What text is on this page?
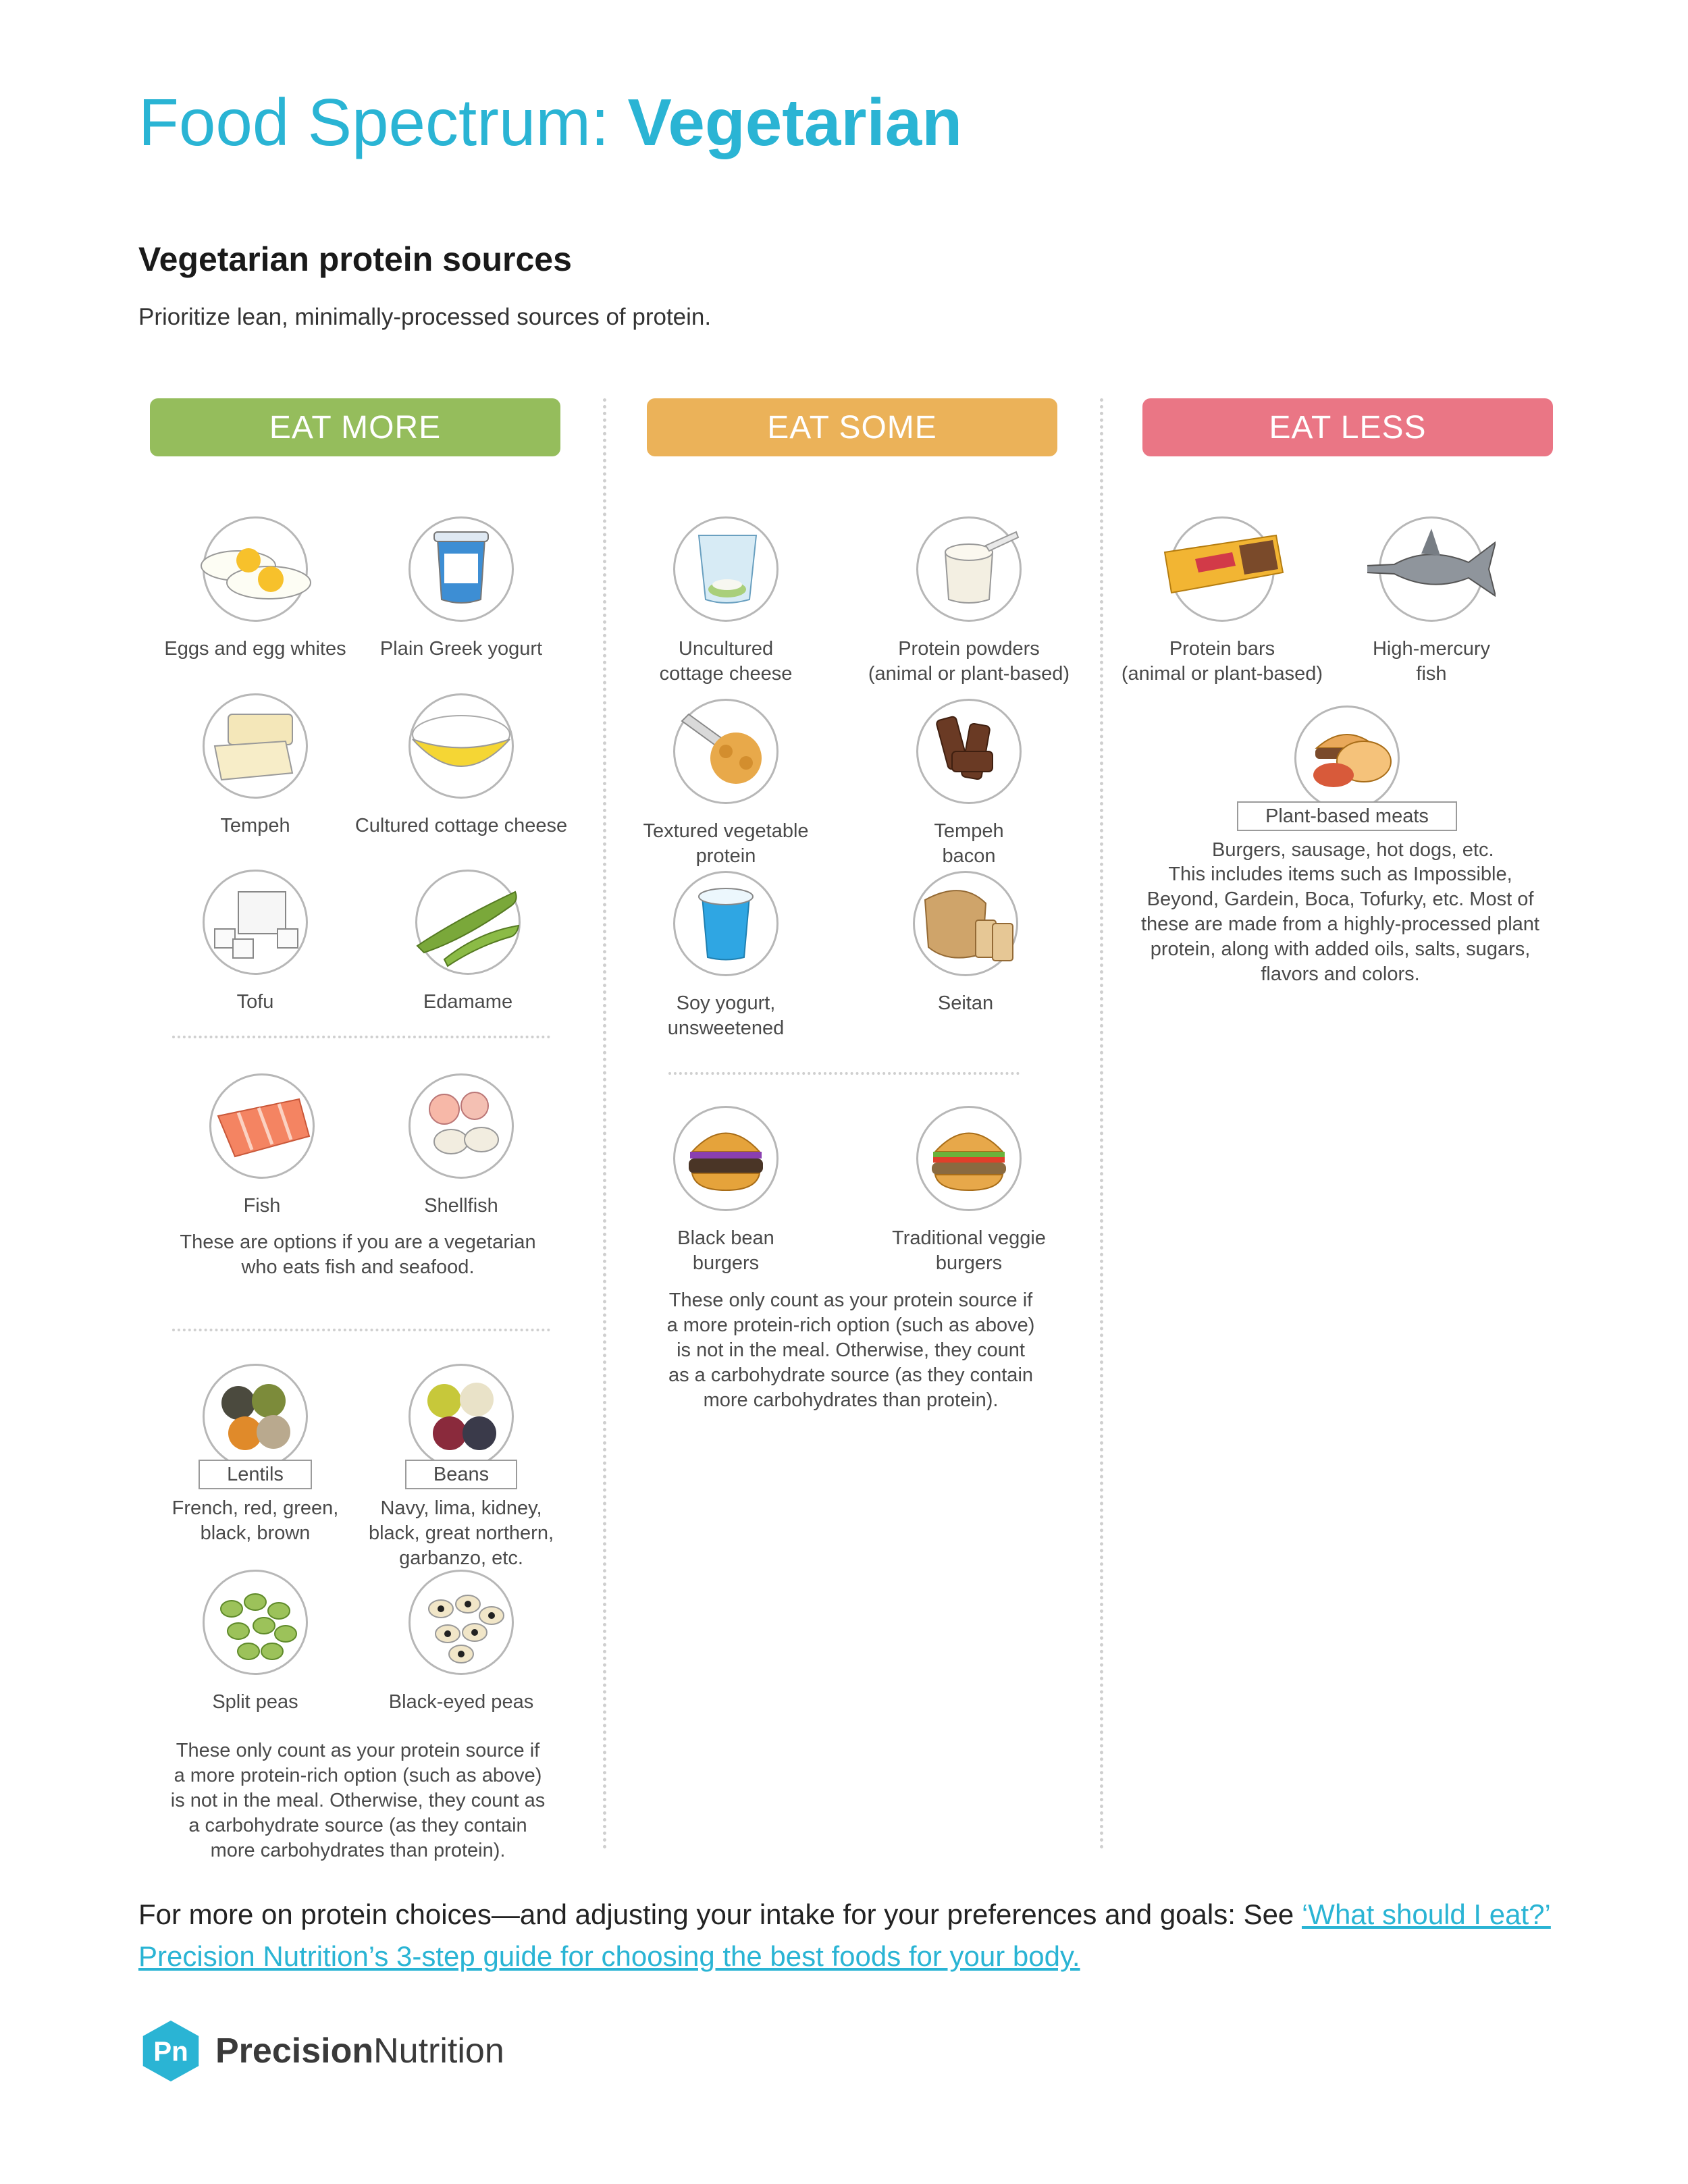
Food Spectrum: Vegetarian
Vegetarian protein sources
Prioritize lean, minimally-processed sources of protein.
EAT MORE	EAT SOME	EAT LESS
Eggs and egg whites	Plain Greek yogurt
Tempeh	Cultured cottage cheese
Tofu	Edamame
Fish	Shellfish
These are options if you are a vegetarian
who eats fish and seafood.
Lentils
French, red, green,
black, brown
Beans
Navy, lima, kidney,
black, great northern,
garbanzo, etc.
Split peas	Black-eyed peas
These only count as your protein source if
a more protein-rich option (such as above)
is not in the meal. Otherwise, they count as
a carbohydrate source (as they contain
more carbohydrates than protein).
Uncultured
cottage cheese
Protein powders
(animal or plant-based)
Textured vegetable
protein
Tempeh
bacon
Soy yogurt,
unsweetened
Seitan
Black bean
burgers
Traditional veggie
burgers
These only count as your protein source if
a more protein-rich option (such as above)
is not in the meal. Otherwise, they count
as a carbohydrate source (as they contain
more carbohydrates than protein).
Protein bars
(animal or plant-based)
High-mercury
fish
Plant-based meats
Burgers, sausage, hot dogs, etc.
This includes items such as Impossible,
Beyond, Gardein, Boca, Tofurky, etc. Most of
these are made from a highly-processed plant
protein, along with added oils, salts, sugars,
flavors and colors.
For more on protein choices—and adjusting your intake for your preferences and goals: See ‘What should I eat?’ Precision Nutrition’s 3-step guide for choosing the best foods for your body.
Pn PrecisionNutrition
